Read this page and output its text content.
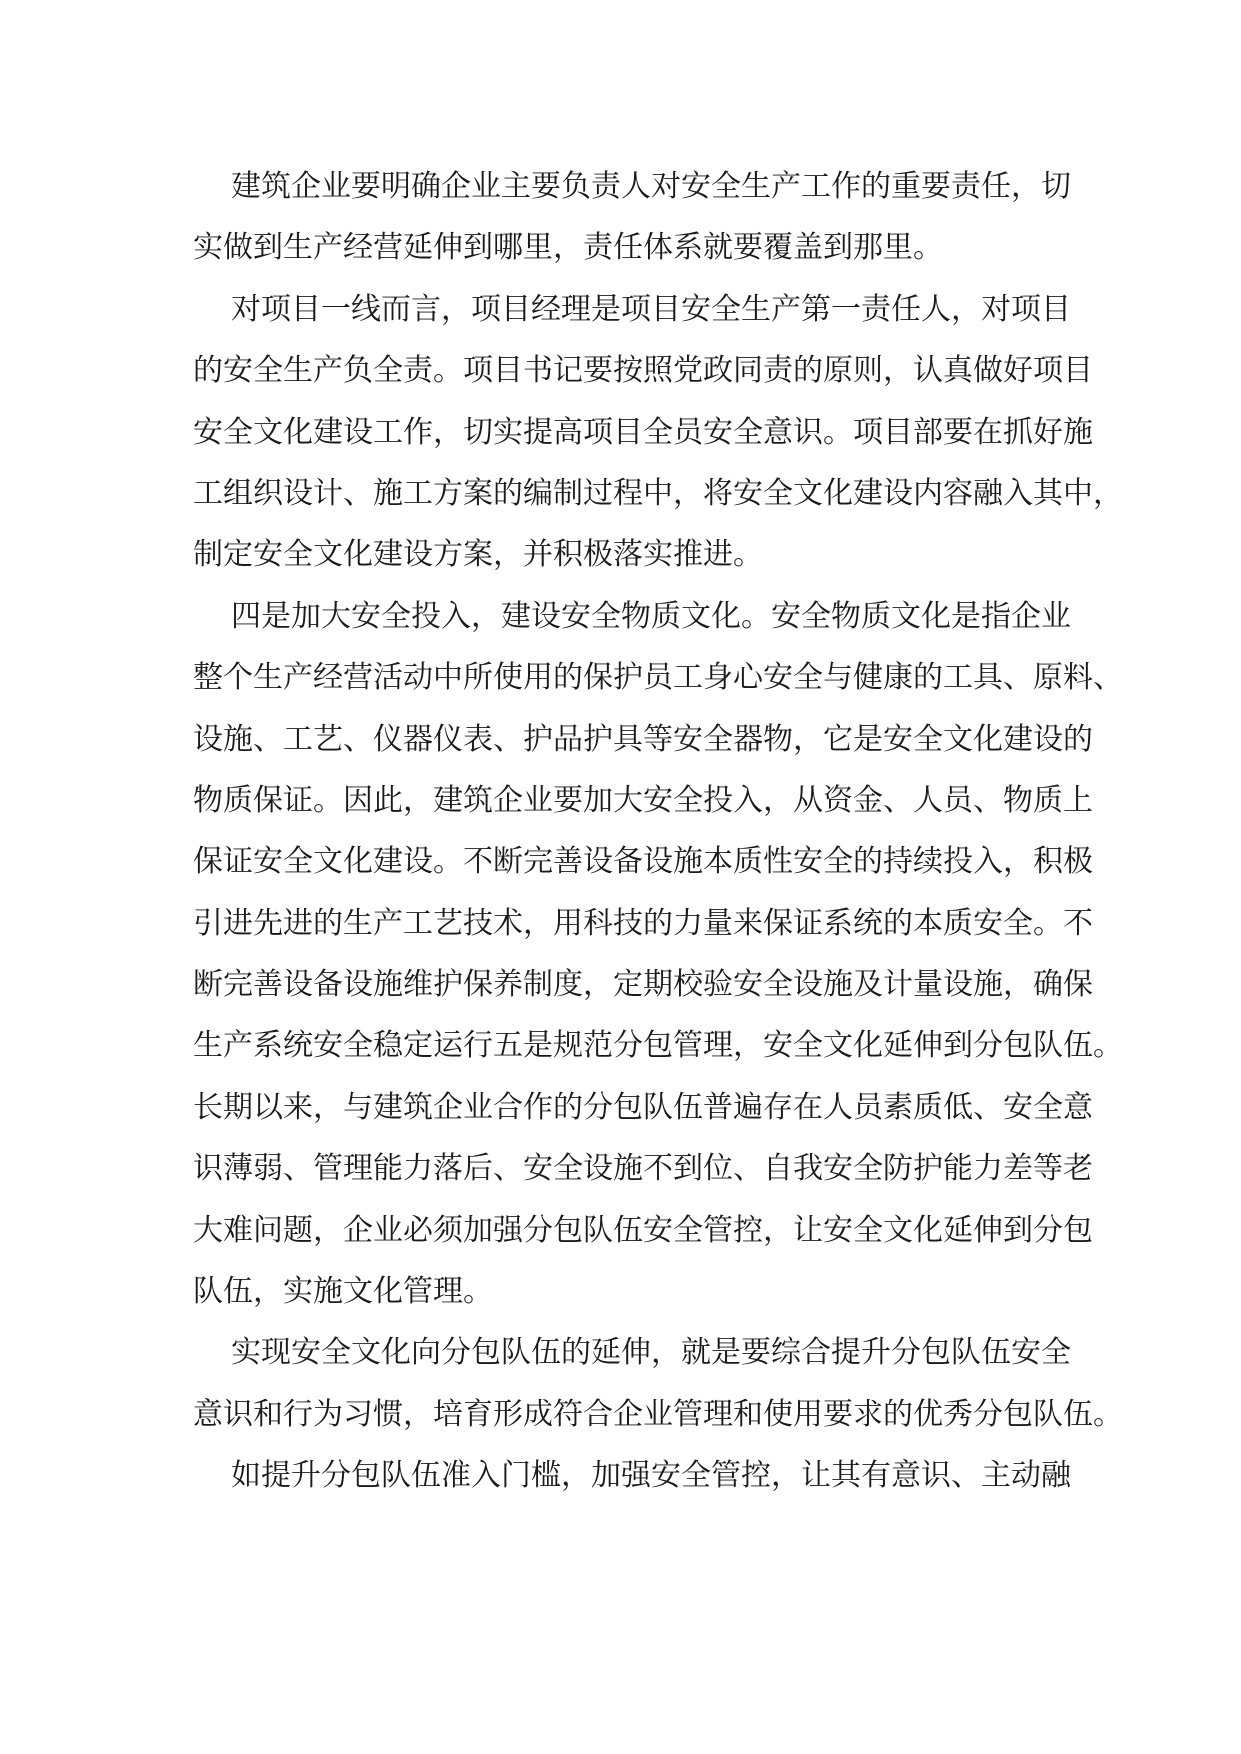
建筑企业要明确企业主要负责人对安全生产工作的重要责任，切
实做到生产经营延伸到哪里，责任体系就要覆盖到那里。
对项目一线而言，项目经理是项目安全生产第一责任人，对项目
的安全生产负全责。项目书记要按照党政同责的原则，认真做好项目
安全文化建设工作，切实提高项目全员安全意识。项目部要在抓好施
工组织设计、施工方案的编制过程中，将安全文化建设内容融入其中，
制定安全文化建设方案，并积极落实推进。
四是加大安全投入，建设安全物质文化。安全物质文化是指企业
整个生产经营活动中所使用的保护员工身心安全与健康的工具、原料、
设施、工艺、仪器仪表、护品护具等安全器物，它是安全文化建设的
物质保证。因此，建筑企业要加大安全投入，从资金、人员、物质上
保证安全文化建设。不断完善设备设施本质性安全的持续投入，积极
引进先进的生产工艺技术，用科技的力量来保证系统的本质安全。不
断完善设备设施维护保养制度，定期校验安全设施及计量设施，确保
生产系统安全稳定运行五是规范分包管理，安全文化延伸到分包队伍。
长期以来，与建筑企业合作的分包队伍普遍存在人员素质低、安全意
识薄弱、管理能力落后、安全设施不到位、自我安全防护能力差等老
大难问题，企业必须加强分包队伍安全管控，让安全文化延伸到分包
队伍，实施文化管理。
实现安全文化向分包队伍的延伸，就是要综合提升分包队伍安全
意识和行为习惯，培育形成符合企业管理和使用要求的优秀分包队伍。
如提升分包队伍准入门槛，加强安全管控，让其有意识、主动融
